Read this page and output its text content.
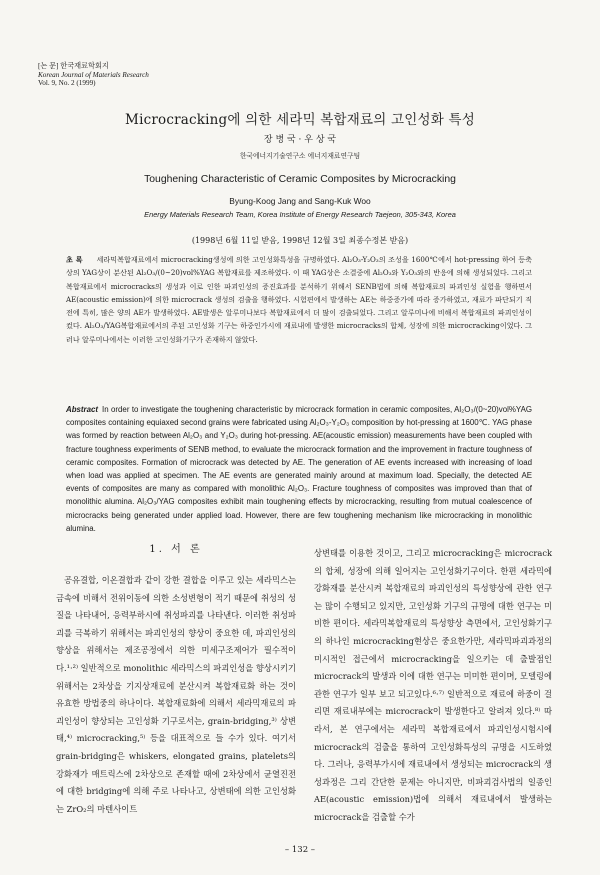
[논 문] 한국재료학회지
Korean Journal of Materials Research
Vol. 9, No. 2 (1999)
Microcracking에 의한 세라믹 복합재료의 고인성화 특성
장 병 국 · 우 상 국
한국에너지기술연구소 에너지재료연구팀
Toughening Characteristic of Ceramic Composites by Microcracking
Byung-Koog Jang and Sang-Kuk Woo
Energy Materials Research Team, Korea Institute of Energy Research Taejeon, 305-343, Korea
(1998년 6월 11일 받음, 1998년 12월 3일 최종수정본 받음)
초 록 세라믹복합재료에서 microcracking생성에 의한 고인성화특성을 규명하였다. Al₂O₃-Y₂O₃의 조성을 1600℃에서 hot-pressing 하여 등축상의 YAG상이 분산된 Al₂O₃/(0~20)vol%YAG 복합재료를 제조하였다. 이 때 YAG상은 소결중에 Al₂O₃와 Y₂O₃와의 반응에 의해 생성되었다. 그리고 복합재료에서 microcracks의 생성과 이로 인한 파괴인성의 증진효과를 분석하기 위해서 SENB법에 의해 복합재료의 파괴인성 실험을 행하면서 AE(acoustic emission)에 의한 microcrack 생성의 검출을 행하였다. 시험편에서 발생하는 AE는 하중증가에 따라 증가하였고, 재료가 파단되기 직전에 특히, 많은 양의 AE가 발생하였다. AE발생은 알루미나보다 복합재료에서 더 많이 검출되었다. 그리고 알루미나에 비해서 복합재료의 파괴인성이 컸다. Al₂O₃/YAG복합재료에서의 주된 고인성화 기구는 하중인가시에 재료내에 발생한 microcracks의 합체, 성장에 의한 microcracking이었다. 그러나 알루미나에서는 이러한 고인성화기구가 존재하지 않았다.
Abstract In order to investigate the toughening characteristic by microcrack formation in ceramic composites, Al₂O₃/(0~20)vol%YAG composites containing equiaxed second grains were fabricated using Al₂O₃-Y₂O₃ composition by hot-pressing at 1600℃. YAG phase was formed by reaction between Al₂O₃ and Y₂O₃ during hot-pressing. AE(acoustic emission) measurements have been coupled with fracture toughness experiments of SENB method, to evaluate the microcrack formation and the improvement in fracture toughness of ceramic composites. Formation of microcrack was detected by AE. The generation of AE events increased with increasing of load when load was applied at specimen. The AE events are generated mainly around at maximum load. Specially, the detected AE events of composites are many as compared with monolithic Al₂O₃. Fracture toughness of composites was improved than that of monolithic alumina. Al₂O₃/YAG composites exhibit main toughening effects by microcracking, resulting from mutual coalescence of microcracks being generated under applied load. However, there are few toughening mechanism like microcracking in monolithic alumina.
1. 서 론

공유결합, 이온결합과 같이 강한 결합을 이루고 있는 세라믹스는 금속에 비해서 전위이동에 의한 소성변형이 적기 때문에 취성의 성질을 나타내어, 응력부하시에 취성파괴를 나타낸다. 이러한 취성파괴를 극복하기 위해서는 파괴인성의 향상이 중요한 데, 파괴인성의 향상을 위해서는 제조공정에서 의한 미세구조제어가 필수적이다.¹·²⁾ 일반적으로 monolithic 세라믹스의 파괴인성을 향상시키기 위해서는 2차상을 기지상재료에 분산시켜 복합재료화 하는 것이 유효한 방법중의 하나이다. 복합재료화에 의해서 세라믹재료의 파괴인성이 향상되는 고인성화 기구로서는, grain-bridging,³⁾ 상변태,⁴⁾ microcracking,⁵⁾ 등을 대표적으로 들 수가 있다. 여기서 grain-bridging은 whiskers, elongated grains, platelets의 강화재가 매트릭스에 2차상으로 존재할 때에 2차상에서 균열진전에 대한 bridging에 의해 주로 나타나고, 상변태에 의한 고인성화는 ZrO₂의 마텐사이트

상변태를 이용한 것이고, 그리고 microcracking은 microcrack의 합체, 성장에 의해 일어지는 고인성화기구이다. 한편 세라믹에 강화재를 분산시켜 복합재료의 파괴인성의 특성향상에 관한 연구는 많이 수행되고 있지만, 고인성화 기구의 규명에 대한 연구는 미비한 편이다. 세라믹복합재료의 특성향상 측면에서, 고인성화기구의 하나인 microcracking현상은 중요한가만, 세라믹파괴과정의 미시적인 접근에서 microcracking을 일으키는 데 출발점인 microcrack의 발생과 이에 대한 연구는 미미한 편이며, 모델링에 관한 연구가 일부 보고 되고있다.⁶·⁷⁾ 일반적으로 재료에 하중이 걸리면 재료내부에는 microcrack이 발생한다고 알려져 있다.⁸⁾ 따라서, 본 연구에서는 세라믹 복합재료에서 파괴인성시험시에 microcrack의 검출을 통하여 고인성화특성의 규명을 시도하였다. 그러나, 응력부가시에 재료내에서 생성되는 microcrack의 생성과정은 그리 간단한 문제는 아니지만, 비파괴검사법의 일종인 AE(acoustic emission)법에 의해서 재료내에서 발생하는 microcrack을 검출할 수가

– 132 –
